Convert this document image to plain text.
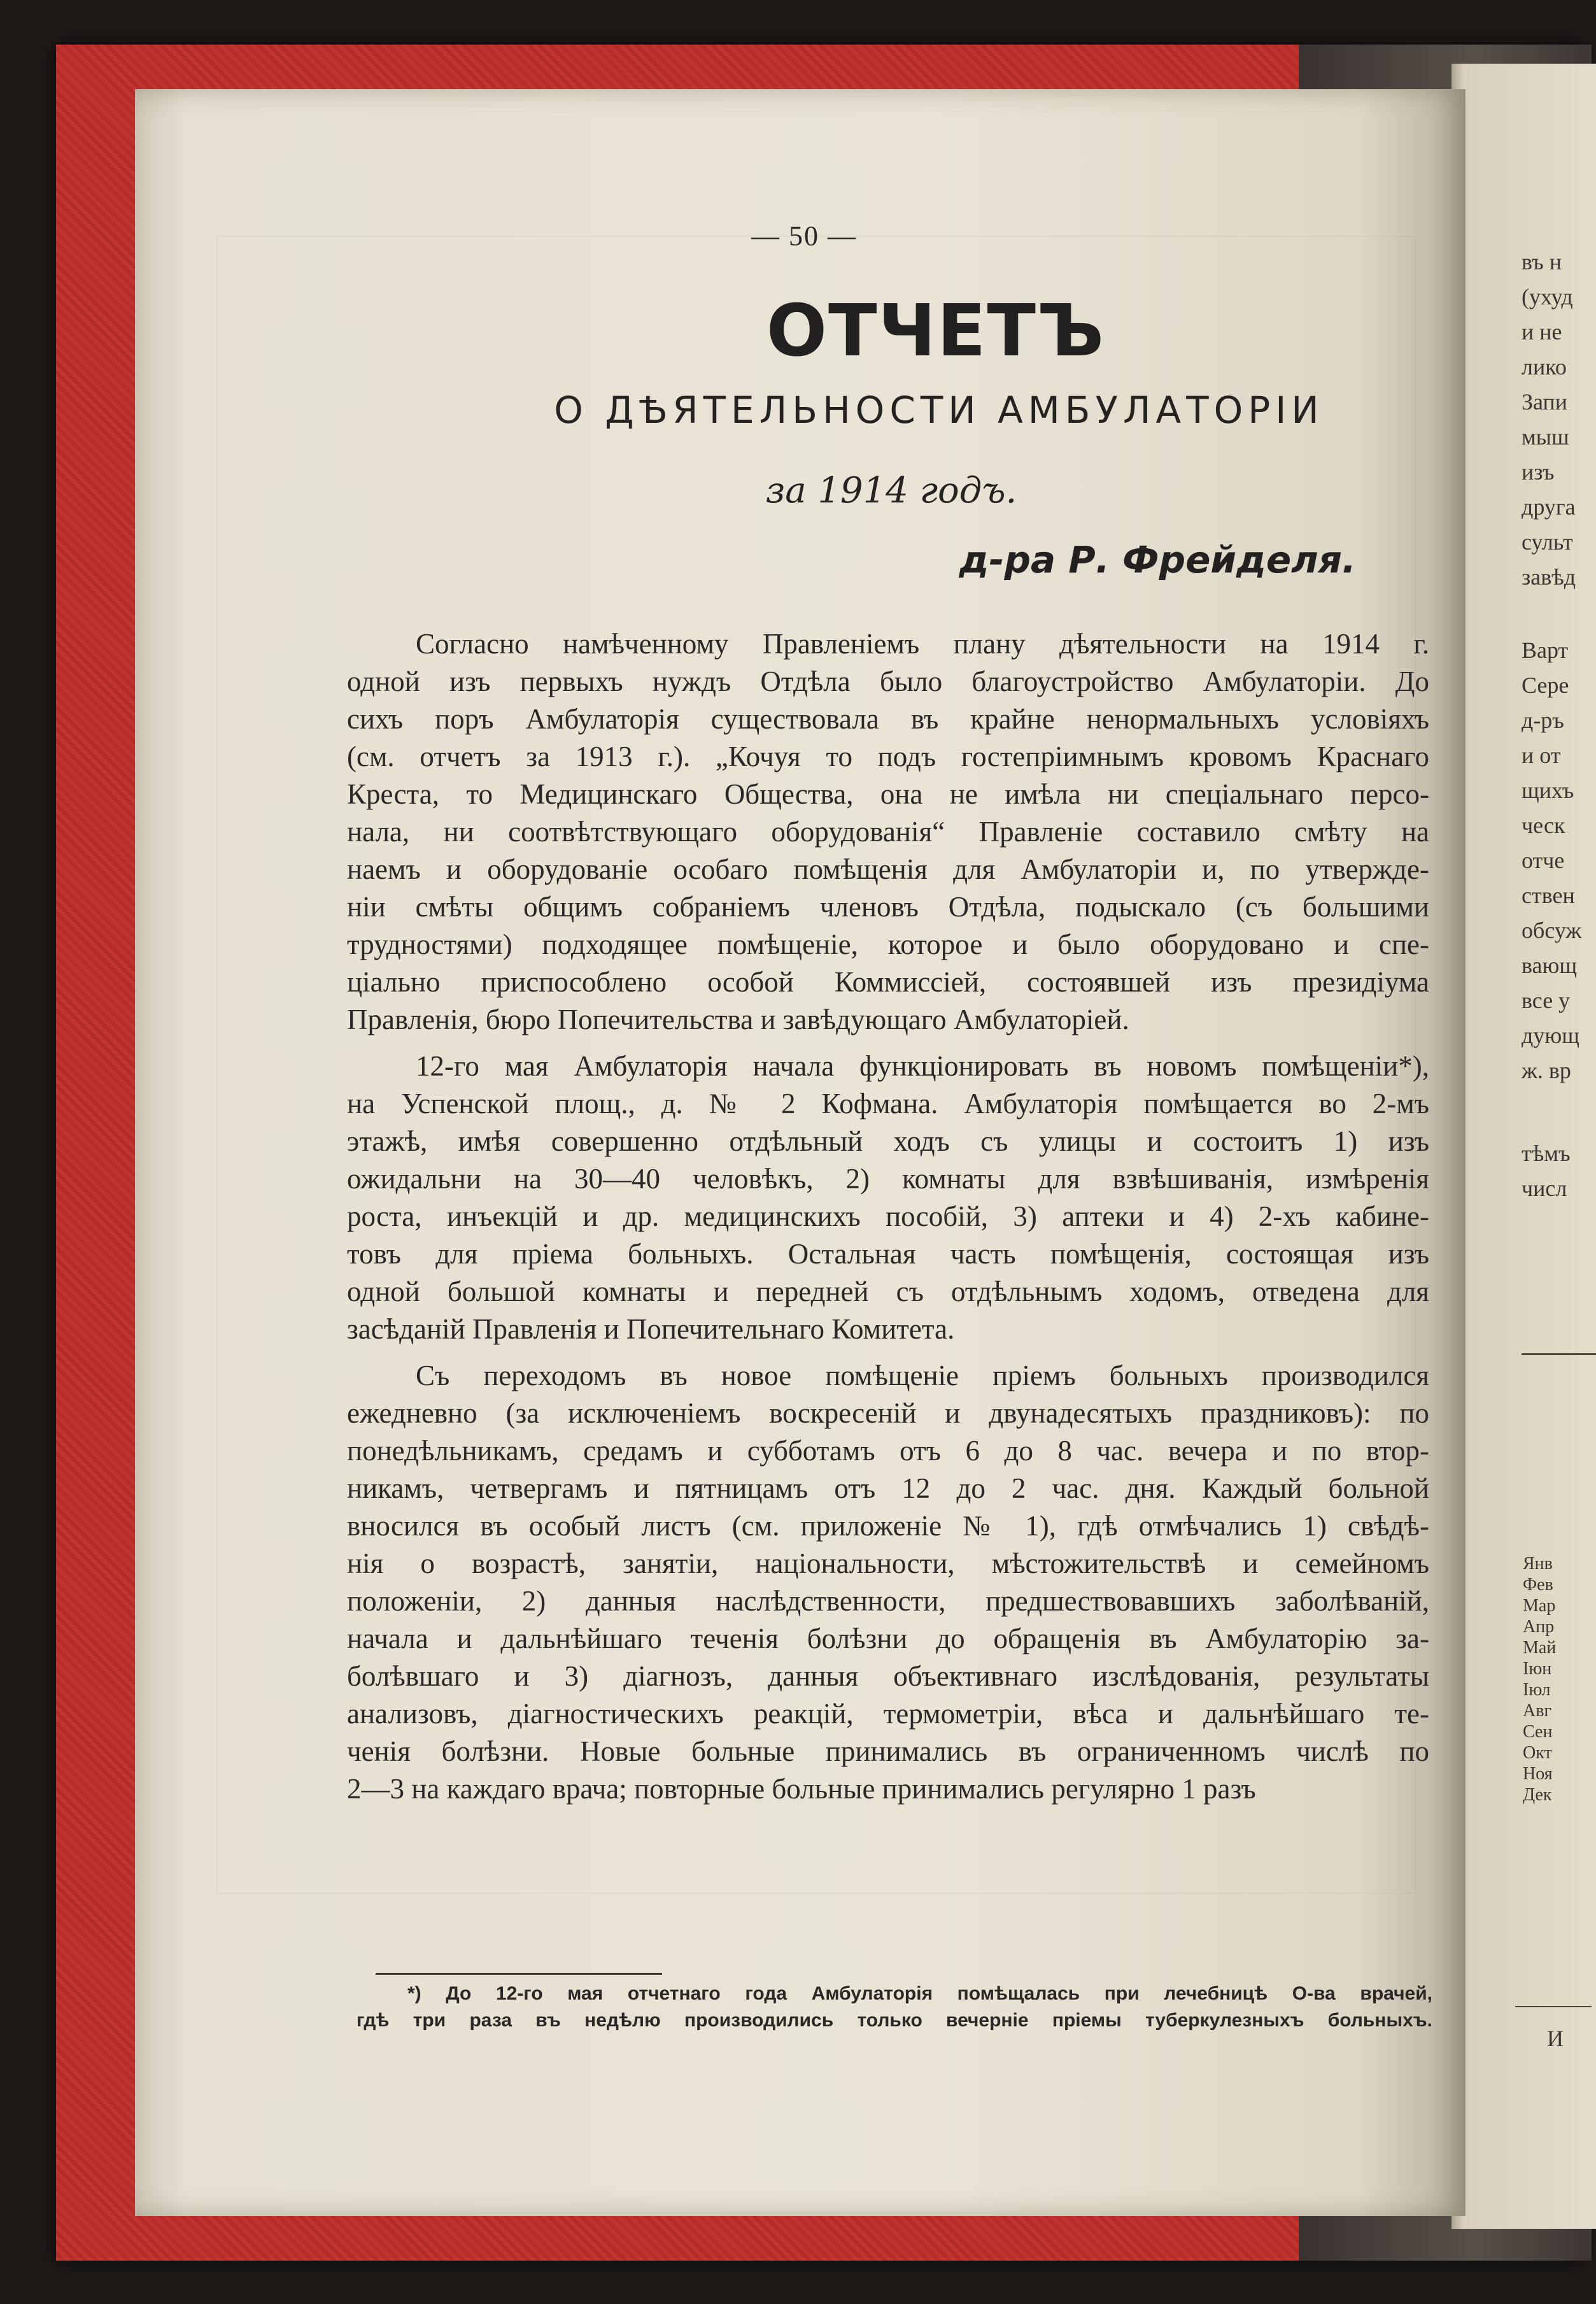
въ н
(ухуд
и не
лико
Запи
мыш
изъ
друга
сульт
завѣд
Варт
Сере
д-ръ
и от
щихъ
ческ
отче
ствен
обсуж
вающ
все у
дующ
ж. вр
тѣмъ
числ
Янв
Фев
Мар
Апр
Май
Іюн
Іюл
Авг
Сен
Окт
Ноя
Дек
И
— 50 —
ОТЧЕТЪ
О ДѢЯТЕЛЬНОСТИ АМБУЛАТОРІИ
за 1914 годъ.
д-ра Р. Фрейделя.

Согласно намѣченному Правленіемъ плану дѣятельности на 1914 г.
одной изъ первыхъ нуждъ Отдѣла было благоустройство Амбулаторіи. До
сихъ поръ Амбулаторія существовала въ крайне ненормальныхъ условіяхъ
(см. отчетъ за 1913 г.). „Кочуя то подъ гостепріимнымъ кровомъ Краснаго
Креста, то Медицинскаго Общества, она не имѣла ни спеціальнаго персо-
нала, ни соотвѣтствующаго оборудованія“ Правленіе составило смѣту на
наемъ и оборудованіе особаго помѣщенія для Амбулаторіи и, по утвержде-
ніи смѣты общимъ собраніемъ членовъ Отдѣла, подыскало (съ большими
трудностями) подходящее помѣщеніе, которое и было оборудовано и спе-
ціально приспособлено особой Коммиссіей, состоявшей изъ президіума
Правленія, бюро Попечительства и завѣдующаго Амбулаторіей.

12-го мая Амбулаторія начала функціонировать въ новомъ помѣщеніи*),
на Успенской площ., д. № 2 Кофмана. Амбулаторія помѣщается во 2-мъ
этажѣ, имѣя совершенно отдѣльный ходъ съ улицы и состоитъ 1) изъ
ожидальни на 30—40 человѣкъ, 2) комнаты для взвѣшиванія, измѣренія
роста, инъекцій и др. медицинскихъ пособій, 3) аптеки и 4) 2-хъ кабине-
товъ для пріема больныхъ. Остальная часть помѣщенія, состоящая изъ
одной большой комнаты и передней съ отдѣльнымъ ходомъ, отведена для
засѣданій Правленія и Попечительнаго Комитета.

Съ переходомъ въ новое помѣщеніе пріемъ больныхъ производился
ежедневно (за исключеніемъ воскресеній и двунадесятыхъ праздниковъ): по
понедѣльникамъ, средамъ и субботамъ отъ 6 до 8 час. вечера и по втор-
никамъ, четвергамъ и пятницамъ отъ 12 до 2 час. дня. Каждый больной
вносился въ особый листъ (см. приложеніе № 1), гдѣ отмѣчались 1) свѣдѣ-
нія о возрастѣ, занятіи, національности, мѣстожительствѣ и семейномъ
положеніи, 2) данныя наслѣдственности, предшествовавшихъ заболѣваній,
начала и дальнѣйшаго теченія болѣзни до обращенія въ Амбулаторію за-
болѣвшаго и 3) діагнозъ, данныя объективнаго изслѣдованія, результаты
анализовъ, діагностическихъ реакцій, термометріи, вѣса и дальнѣйшаго те-
ченія болѣзни. Новые больные принимались въ ограниченномъ числѣ по
2—3 на каждаго врача; повторные больные принимались регулярно 1 разъ

*) До 12-го мая отчетнаго года Амбулаторія помѣщалась при лечебницѣ О-ва врачей,
гдѣ три раза въ недѣлю производились только вечерніе пріемы туберкулезныхъ больныхъ.
